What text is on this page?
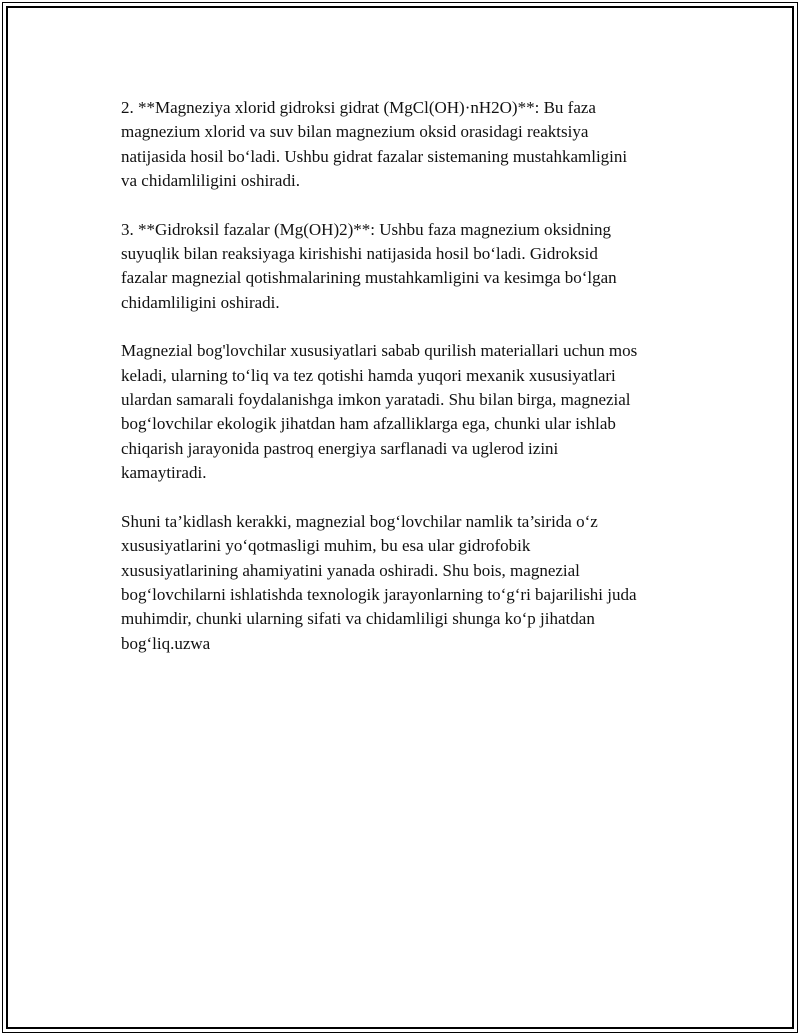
2. **Magneziya xlorid gidroksi gidrat (MgCl(OH)·nH2O)**: Bu faza
magnezium xlorid va suv bilan magnezium oksid orasidagi reaktsiya
natijasida hosil bo‘ladi. Ushbu gidrat fazalar sistemaning mustahkamligini
va chidamliligini oshiradi.

3. **Gidroksil fazalar (Mg(OH)2)**: Ushbu faza magnezium oksidning
suyuqlik bilan reaksiyaga kirishishi natijasida hosil bo‘ladi. Gidroksid
fazalar magnezial qotishmalarining mustahkamligini va kesimga bo‘lgan
chidamliligini oshiradi.

Magnezial bog'lovchilar xususiyatlari sabab qurilish materiallari uchun mos
keladi, ularning to‘liq va tez qotishi hamda yuqori mexanik xususiyatlari
ulardan samarali foydalanishga imkon yaratadi. Shu bilan birga, magnezial
bog‘lovchilar ekologik jihatdan ham afzalliklarga ega, chunki ular ishlab
chiqarish jarayonida pastroq energiya sarflanadi va uglerod izini
kamaytiradi.

Shuni ta’kidlash kerakki, magnezial bog‘lovchilar namlik ta’sirida o‘z
xususiyatlarini yo‘qotmasligi muhim, bu esa ular gidrofobik
xususiyatlarining ahamiyatini yanada oshiradi. Shu bois, magnezial
bog‘lovchilarni ishlatishda texnologik jarayonlarning to‘g‘ri bajarilishi juda
muhimdir, chunki ularning sifati va chidamliligi shunga ko‘p jihatdan
bog‘liq.uzwa
